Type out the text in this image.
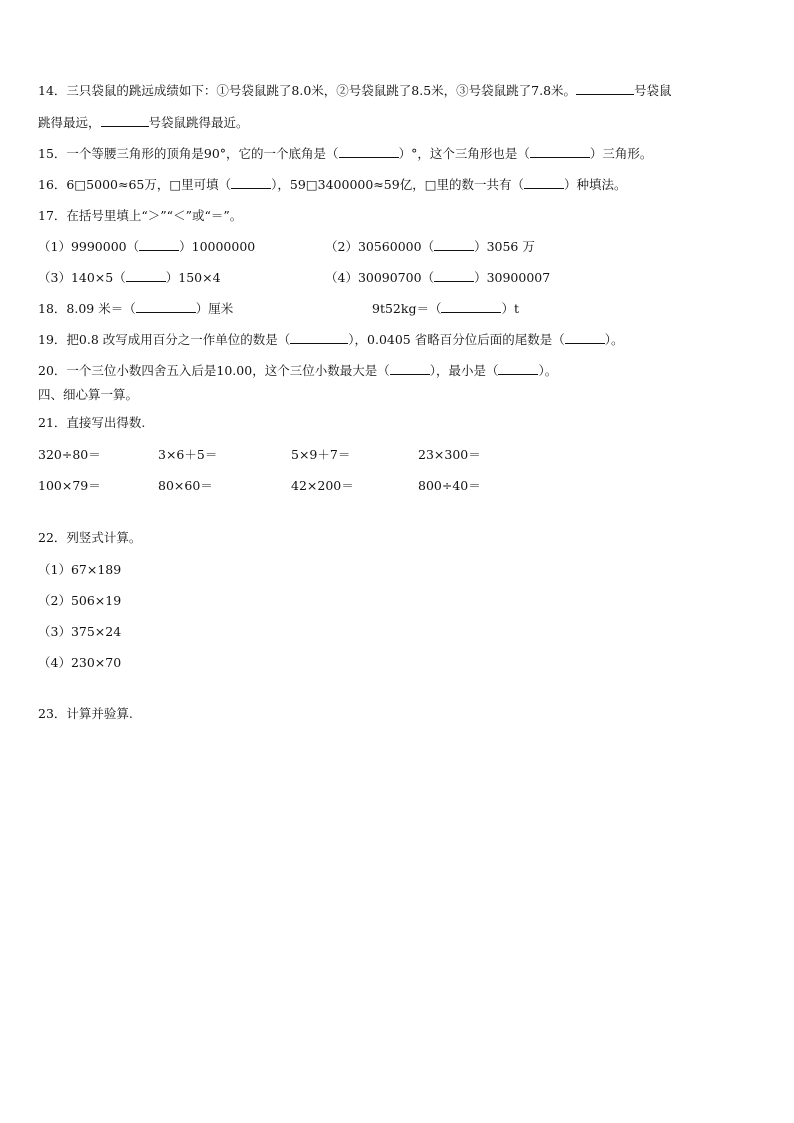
14．三只袋鼠的跳远成绩如下：①号袋鼠跳了8.0米，②号袋鼠跳了8.5米，③号袋鼠跳了7.8米。	号袋鼠
跳得最远，	号袋鼠跳得最近。
15．一个等腰三角形的顶角是90°，它的一个底角是（	）°，这个三角形也是（	）三角形。
16．6□5000≈65万，□里可填（	），59□3400000≈59亿，□里的数一共有（	）种填法。
17．在括号里填上“＞”“＜”或“＝”。
（1）9990000（	）10000000	（2）30560000（	）3056 万
（3）140×5（	）150×4	（4）30090700（	）30900007
18．8.09 米＝（	）厘米	9t52kg＝（	）t
19．把0.8 改写成用百分之一作单位的数是（	），0.0405 省略百分位后面的尾数是（	）。
20．一个三位小数四舍五入后是10.00，这个三位小数最大是（	），最小是（	）。
四、细心算一算。
21．直接写出得数.
320÷80＝	3×6＋5＝	5×9＋7＝	23×300＝
100×79＝	80×60＝	42×200＝	800÷40＝
22．列竖式计算。
（1）67×189
（2）506×19
（3）375×24
（4）230×70
23．计算并验算.
